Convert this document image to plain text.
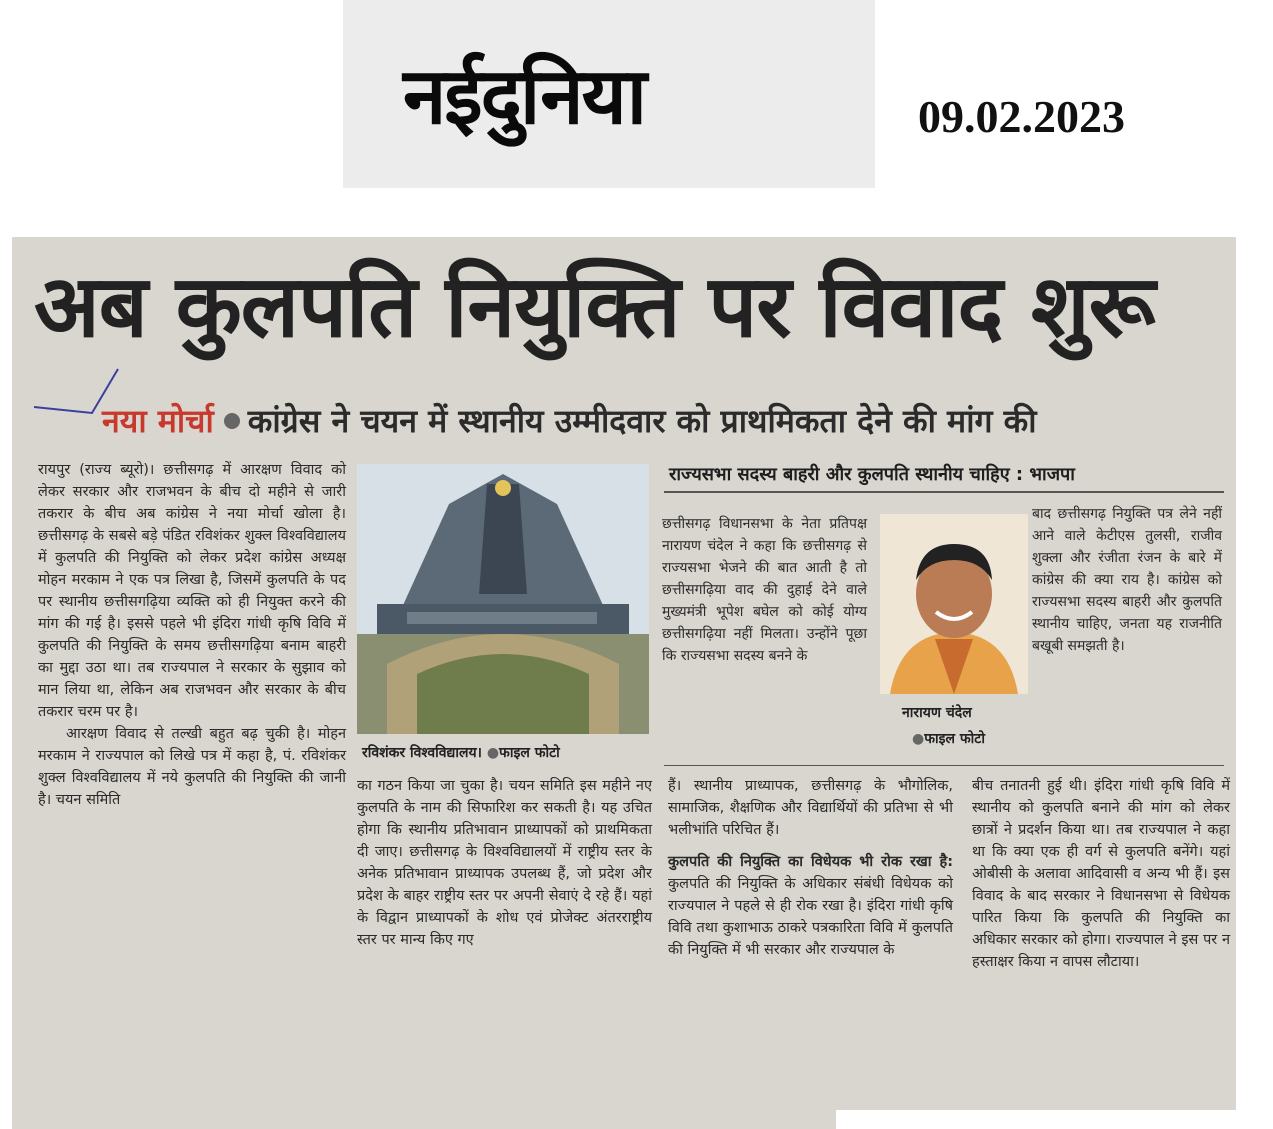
नईदुनिया	09.02.2023
अब कुलपति नियुक्ति पर विवाद शुरू
नया मोर्चा कांग्रेस ने चयन में स्थानीय उम्मीदवार को प्राथमिकता देने की मांग की

रायपुर (राज्य ब्यूरो)। छत्तीसगढ़ में आरक्षण विवाद को लेकर सरकार और राजभवन के बीच दो महीने से जारी तकरार के बीच अब कांग्रेस ने नया मोर्चा खोला है। छत्तीसगढ़ के सबसे बड़े पंडित रविशंकर शुक्ल विश्वविद्यालय में कुलपति की नियुक्ति को लेकर प्रदेश कांग्रेस अध्यक्ष मोहन मरकाम ने एक पत्र लिखा है, जिसमें कुलपति के पद पर स्थानीय छत्तीसगढ़िया व्यक्ति को ही नियुक्त करने की मांग की गई है। इससे पहले भी इंदिरा गांधी कृषि विवि में कुलपति की नियुक्ति के समय छत्तीसगढ़िया बनाम बाहरी का मुद्दा उठा था। तब राज्यपाल ने सरकार के सुझाव को मान लिया था, लेकिन अब राजभवन और सरकार के बीच तकरार चरम पर है।

आरक्षण विवाद से तल्खी बहुत बढ़ चुकी है। मोहन मरकाम ने राज्यपाल को लिखे पत्र में कहा है, पं. रविशंकर शुक्ल विश्वविद्यालय में नये कुलपति की नियुक्ति की जानी है। चयन समिति

रविशंकर विश्वविद्यालय। ●फाइल फोटो

का गठन किया जा चुका है। चयन समिति इस महीने नए कुलपति के नाम की सिफारिश कर सकती है। यह उचित होगा कि स्थानीय प्रतिभावान प्राध्यापकों को प्राथमिकता दी जाए। छत्तीसगढ़ के विश्वविद्यालयों में राष्ट्रीय स्तर के अनेक प्रतिभावान प्राध्यापक उपलब्ध हैं, जो प्रदेश और प्रदेश के बाहर राष्ट्रीय स्तर पर अपनी सेवाएं दे रहे हैं। यहां के विद्वान प्राध्यापकों के शोध एवं प्रोजेक्ट अंतरराष्ट्रीय स्तर पर मान्य किए गए

राज्यसभा सदस्य बाहरी और कुलपति स्थानीय चाहिए : भाजपा
छत्तीसगढ़ विधानसभा के नेता प्रतिपक्ष नारायण चंदेल ने कहा कि छत्तीसगढ़ से राज्यसभा भेजने की बात आती है तो छत्तीसगढ़िया वाद की दुहाई देने वाले मुख्यमंत्री भूपेश बघेल को कोई योग्य छत्तीसगढ़िया नहीं मिलता। उन्होंने पूछा कि राज्यसभा सदस्य बनने के
नारायण चंदेल
●फाइल फोटो
बाद छत्तीसगढ़ नियुक्ति पत्र लेने नहीं आने वाले केटीएस तुलसी, राजीव शुक्ला और रंजीता रंजन के बारे में कांग्रेस की क्या राय है। कांग्रेस को राज्यसभा सदस्य बाहरी और कुलपति स्थानीय चाहिए, जनता यह राजनीति बखूबी समझती है।

हैं। स्थानीय प्राध्यापक, छत्तीसगढ़ के भौगोलिक, सामाजिक, शैक्षणिक और विद्यार्थियों की प्रतिभा से भी भलीभांति परिचित हैं।

कुलपति की नियुक्ति का विधेयक भी रोक रखा है: कुलपति की नियुक्ति के अधिकार संबंधी विधेयक को राज्यपाल ने पहले से ही रोक रखा है। इंदिरा गांधी कृषि विवि तथा कुशाभाऊ ठाकरे पत्रकारिता विवि में कुलपति की नियुक्ति में भी सरकार और राज्यपाल के

बीच तनातनी हुई थी। इंदिरा गांधी कृषि विवि में स्थानीय को कुलपति बनाने की मांग को लेकर छात्रों ने प्रदर्शन किया था। तब राज्यपाल ने कहा था कि क्या एक ही वर्ग से कुलपति बनेंगे। यहां ओबीसी के अलावा आदिवासी व अन्य भी हैं। इस विवाद के बाद सरकार ने विधानसभा से विधेयक पारित किया कि कुलपति की नियुक्ति का अधिकार सरकार को होगा। राज्यपाल ने इस पर न हस्ताक्षर किया न वापस लौटाया।
